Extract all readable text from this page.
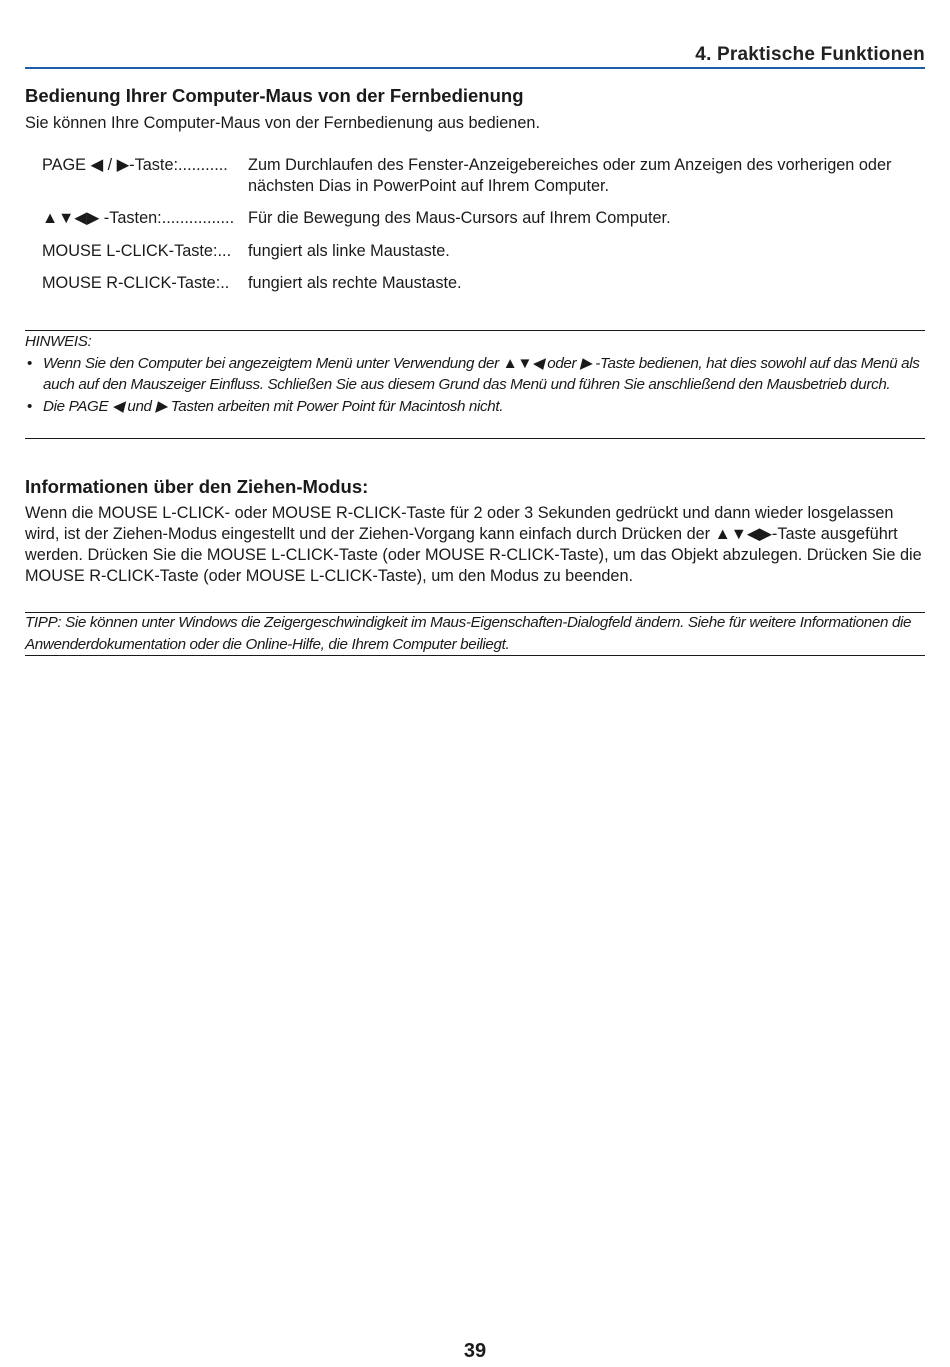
4. Praktische Funktionen
Bedienung Ihrer Computer-Maus von der Fernbedienung
Sie können Ihre Computer-Maus von der Fernbedienung aus bedienen.
PAGE ◀ / ▶-Taste:...........	Zum Durchlaufen des Fenster-Anzeigebereiches oder zum Anzeigen des vorherigen oder nächsten Dias in PowerPoint auf Ihrem Computer.
▲▼◀▶ -Tasten:................ Für die Bewegung des Maus-Cursors auf Ihrem Computer.
MOUSE L-CLICK-Taste:...	fungiert als linke Maustaste.
MOUSE R-CLICK-Taste:..	fungiert als rechte Maustaste.
HINWEIS:
• Wenn Sie den Computer bei angezeigtem Menü unter Verwendung der ▲▼◀ oder ▶ -Taste bedienen, hat dies sowohl auf das Menü als auch auf den Mauszeiger Einfluss. Schließen Sie aus diesem Grund das Menü und führen Sie anschließend den Mausbetrieb durch.
• Die PAGE ◀ und ▶ Tasten arbeiten mit Power Point für Macintosh nicht.
Informationen über den Ziehen-Modus:
Wenn die MOUSE L-CLICK- oder MOUSE R-CLICK-Taste für 2 oder 3 Sekunden gedrückt und dann wieder losgelassen wird, ist der Ziehen-Modus eingestellt und der Ziehen-Vorgang kann einfach durch Drücken der ▲▼◀▶-Taste ausgeführt werden. Drücken Sie die MOUSE L-CLICK-Taste (oder MOUSE R-CLICK-Taste), um das Objekt abzulegen. Drücken Sie die MOUSE R-CLICK-Taste (oder MOUSE L-CLICK-Taste), um den Modus zu beenden.
TIPP: Sie können unter Windows die Zeigergeschwindigkeit im Maus-Eigenschaften-Dialogfeld ändern. Siehe für weitere Informationen die Anwenderdokumentation oder die Online-Hilfe, die Ihrem Computer beiliegt.
39
